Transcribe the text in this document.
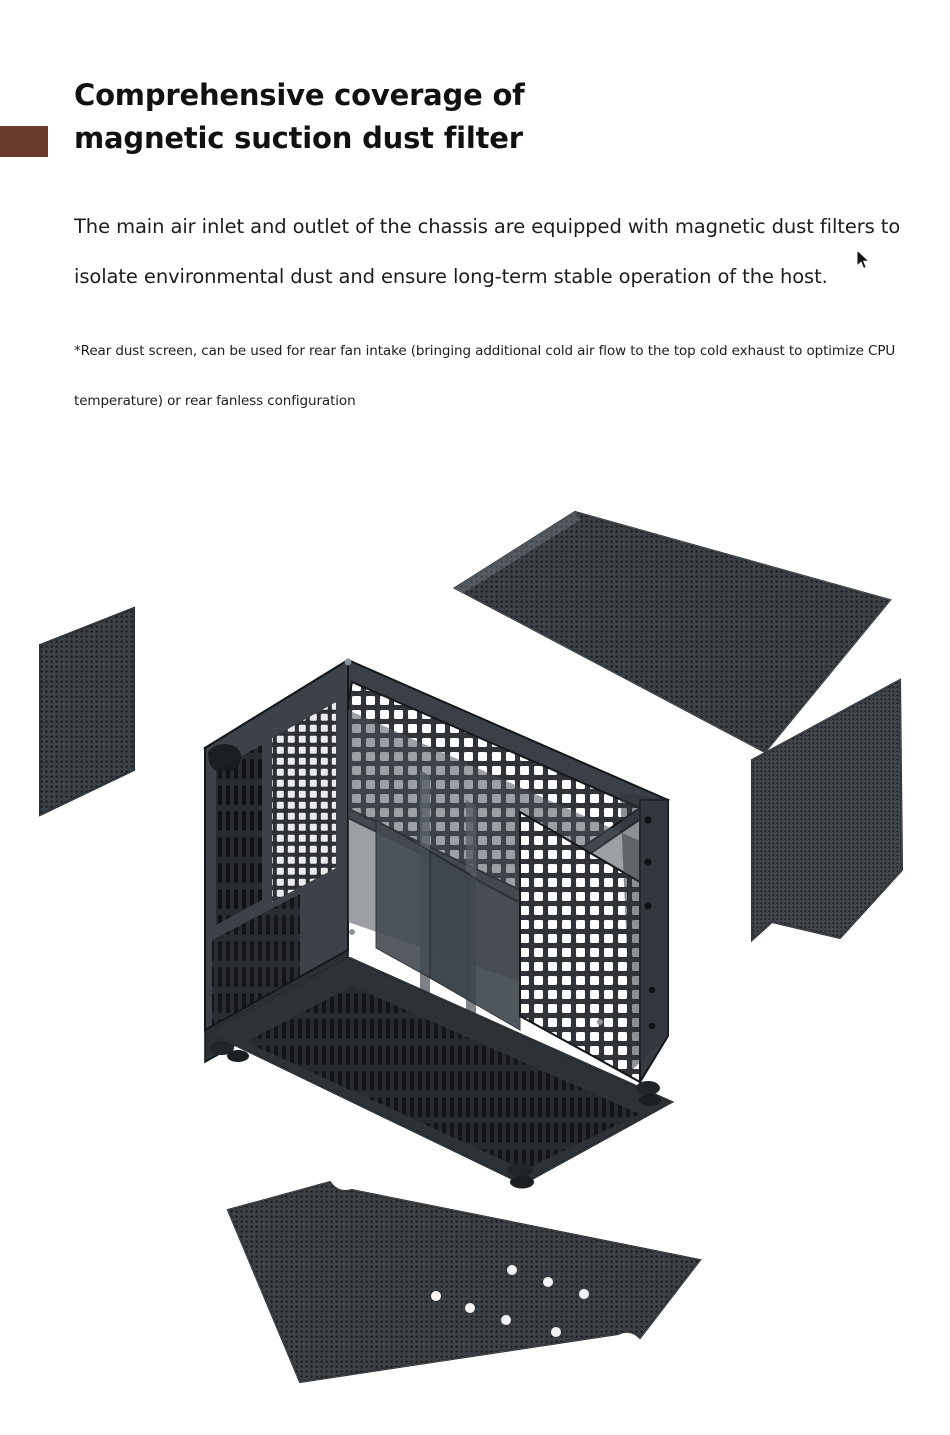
Comprehensive coverage of
magnetic suction dust filter

The main air inlet and outlet of the chassis are equipped with magnetic dust filters to isolate environmental dust and ensure long-term stable operation of the host.

*Rear dust screen, can be used for rear fan intake (bringing additional cold air flow to the top cold exhaust to optimize CPU temperature) or rear fanless configuration
